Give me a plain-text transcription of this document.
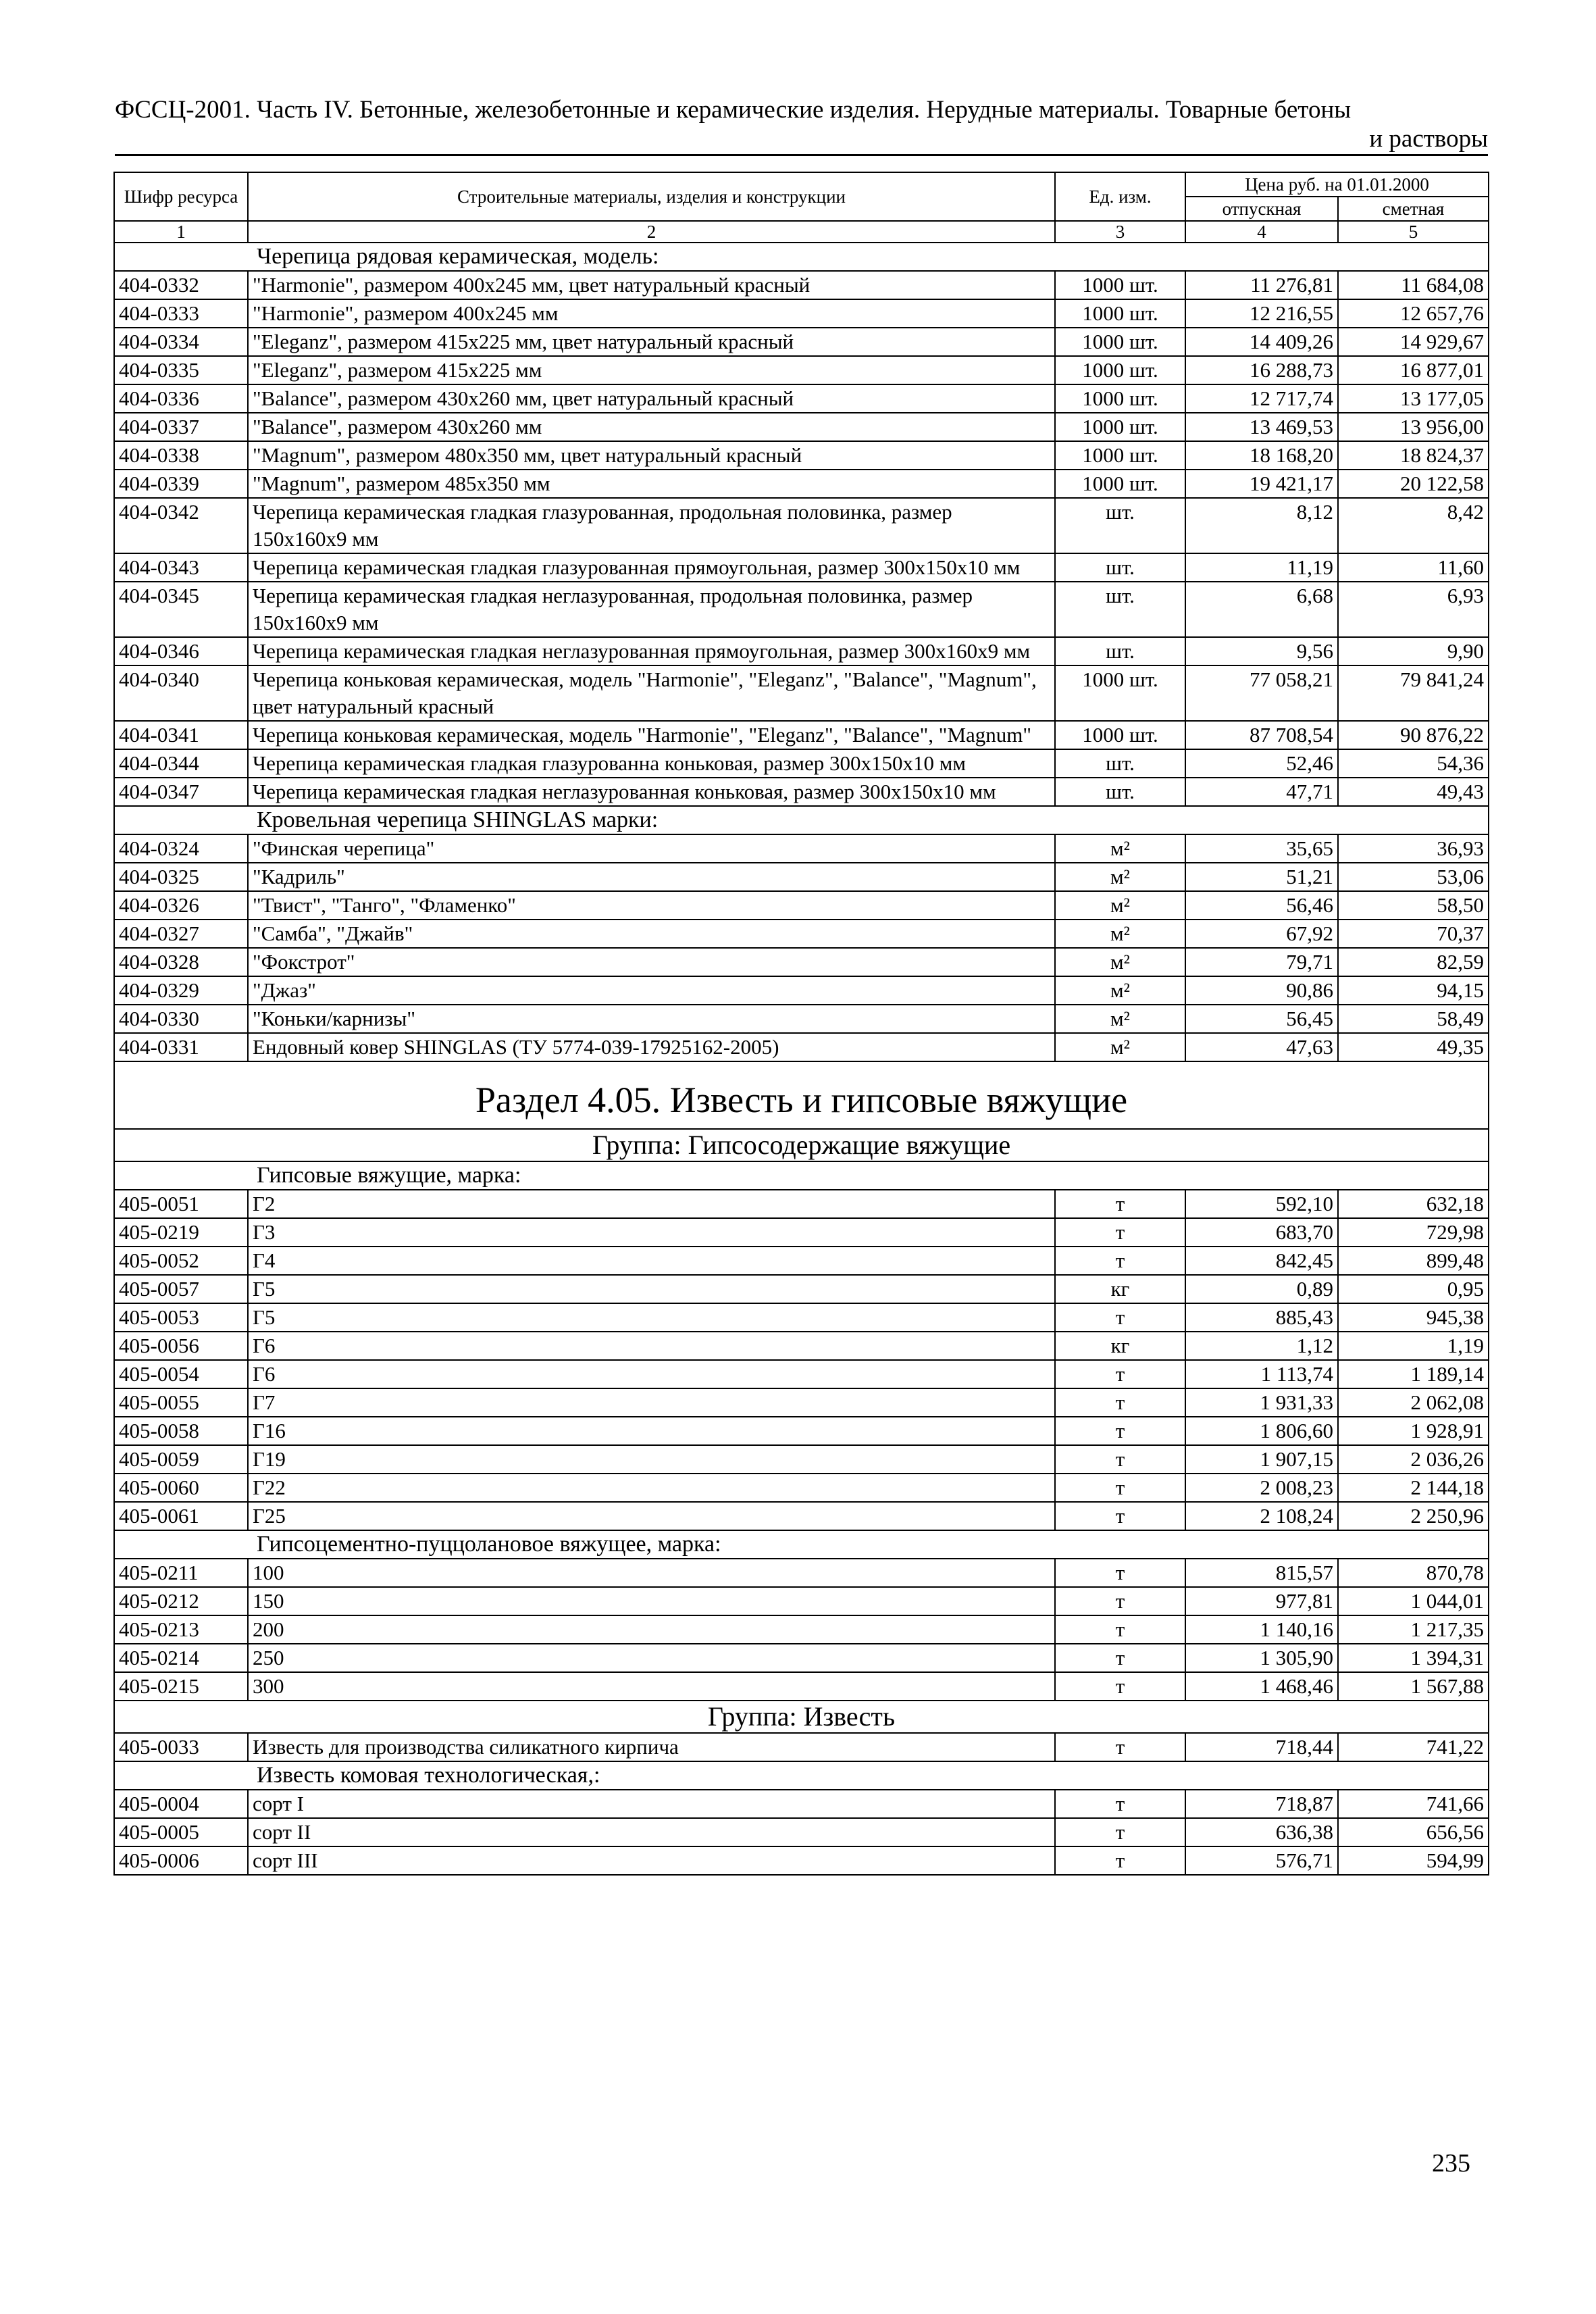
ФССЦ-2001. Часть IV. Бетонные, железобетонные и керамические изделия. Нерудные материалы. Товарные бетоны
и растворы
Шифр ресурса	Строительные материалы, изделия и конструкции	Ед. изм.	Цена руб. на 01.01.2000	
			отпускная	сметная
1	2	3	4	5
Черепица рядовая керамическая, модель:				
404-0332	"Harmonie", размером 400x245 мм, цвет натуральный красный	1000 шт.	11 276,81	11 684,08
404-0333	"Harmonie", размером 400x245 мм	1000 шт.	12 216,55	12 657,76
404-0334	"Eleganz", размером 415x225 мм, цвет натуральный красный	1000 шт.	14 409,26	14 929,67
404-0335	"Eleganz", размером 415x225 мм	1000 шт.	16 288,73	16 877,01
404-0336	"Balance", размером 430x260 мм, цвет натуральный красный	1000 шт.	12 717,74	13 177,05
404-0337	"Balance", размером 430x260 мм	1000 шт.	13 469,53	13 956,00
404-0338	"Magnum", размером 480x350 мм, цвет натуральный красный	1000 шт.	18 168,20	18 824,37
404-0339	"Magnum", размером 485x350 мм	1000 шт.	19 421,17	20 122,58
404-0342	Черепица керамическая гладкая глазурованная, продольная половинка, размер 150x160x9 мм	шт.	8,12	8,42
404-0343	Черепица керамическая гладкая глазурованная прямоугольная, размер 300x150x10 мм	шт.	11,19	11,60
404-0345	Черепица керамическая гладкая неглазурованная, продольная половинка, размер 150x160x9 мм	шт.	6,68	6,93
404-0346	Черепица керамическая гладкая неглазурованная прямоугольная, размер 300x160x9 мм	шт.	9,56	9,90
404-0340	Черепица коньковая керамическая, модель "Harmonie", "Eleganz", "Balance", "Magnum", цвет натуральный красный	1000 шт.	77 058,21	79 841,24
404-0341	Черепица коньковая керамическая, модель "Harmonie", "Eleganz", "Balance", "Magnum"	1000 шт.	87 708,54	90 876,22
404-0344	Черепица керамическая гладкая глазурованна коньковая, размер 300x150x10 мм	шт.	52,46	54,36
404-0347	Черепица керамическая гладкая неглазурованная коньковая, размер 300x150x10 мм	шт.	47,71	49,43
Кровельная черепица SHINGLAS марки:				
404-0324	"Финская черепица"	м²	35,65	36,93
404-0325	"Кадриль"	м²	51,21	53,06
404-0326	"Твист", "Танго", "Фламенко"	м²	56,46	58,50
404-0327	"Самба", "Джайв"	м²	67,92	70,37
404-0328	"Фокстрот"	м²	79,71	82,59
404-0329	"Джаз"	м²	90,86	94,15
404-0330	"Коньки/карнизы"	м²	56,45	58,49
404-0331	Ендовный ковер SHINGLAS (ТУ 5774-039-17925162-2005)	м²	47,63	49,35
Раздел 4.05. Известь и гипсовые вяжущие				
Группа: Гипсосодержащие вяжущие				
Гипсовые вяжущие, марка:				
405-0051	Г2	т	592,10	632,18
405-0219	Г3	т	683,70	729,98
405-0052	Г4	т	842,45	899,48
405-0057	Г5	кг	0,89	0,95
405-0053	Г5	т	885,43	945,38
405-0056	Г6	кг	1,12	1,19
405-0054	Г6	т	1 113,74	1 189,14
405-0055	Г7	т	1 931,33	2 062,08
405-0058	Г16	т	1 806,60	1 928,91
405-0059	Г19	т	1 907,15	2 036,26
405-0060	Г22	т	2 008,23	2 144,18
405-0061	Г25	т	2 108,24	2 250,96
Гипсоцементно-пуццолановое вяжущее, марка:				
405-0211	100	т	815,57	870,78
405-0212	150	т	977,81	1 044,01
405-0213	200	т	1 140,16	1 217,35
405-0214	250	т	1 305,90	1 394,31
405-0215	300	т	1 468,46	1 567,88
Группа: Известь				
405-0033	Известь для производства силикатного кирпича	т	718,44	741,22
Известь комовая технологическая,:				
405-0004	сорт I	т	718,87	741,66
405-0005	сорт II	т	636,38	656,56
405-0006	сорт III	т	576,71	594,99
235
